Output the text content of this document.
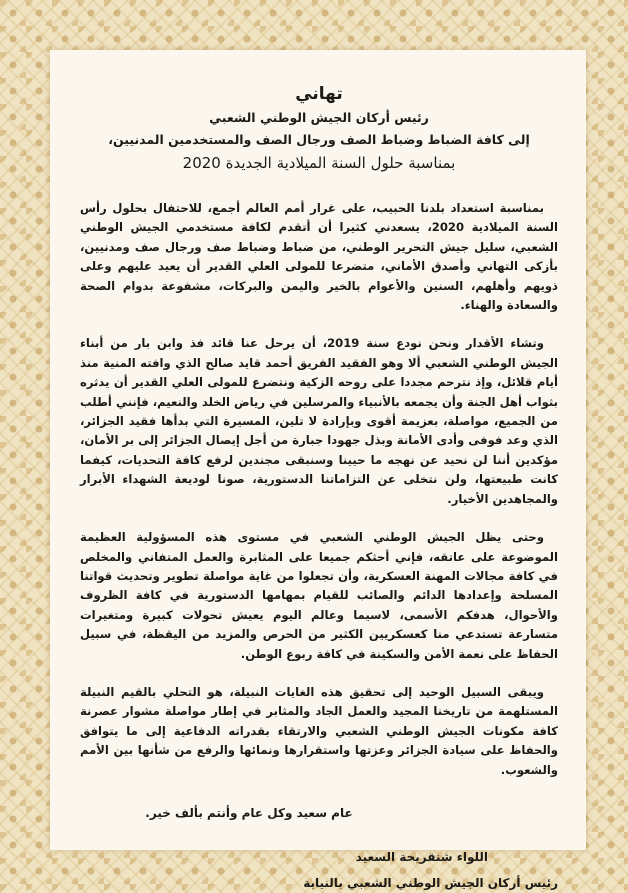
تهاني

رئيس أركان الجيش الوطني الشعبي

إلى كافة الضباط وضباط الصف ورجال الصف والمستخدمين المدنيين،

بمناسبة حلول السنة الميلادية الجديدة 2020

بمناسبة استعداد بلدنا الحبيب، على غرار أمم العالم أجمع، للاحتفال بحلول رأس السنة الميلادية 2020، يسعدني كثيرا أن أتقدم لكافة مستخدمي الجيش الوطني الشعبي، سليل جيش التحرير الوطني، من ضباط وضباط صف ورجال صف ومدنيين، بأزكى التهاني وأصدق الأماني، متضرعا للمولى العلي القدير أن يعيد عليهم وعلى ذويهم وأهلهم، السنين والأعوام بالخير واليمن والبركات، مشفوعة بدوام الصحة والسعادة والهناء.

وتشاء الأقدار ونحن نودع سنة 2019، أن يرحل عنا قائد فذ وابن بار من أبناء الجيش الوطني الشعبي ألا وهو الفقيد الفريق أحمد قايد صالح الذي وافته المنية منذ أيام قلائل، وإذ نترحم مجددا على روحه الزكية ونتضرع للمولى العلي القدير أن يدثره بثواب أهل الجنة وأن يجمعه بالأنبياء والمرسلين في رياض الخلد والنعيم، فإنني أطلب من الجميع، مواصلة، بعزيمة أقوى وبإرادة لا تلين، المسيرة التي بدأها فقيد الجزائر، الذي وعد فوفى وأدى الأمانة وبذل جهودا جبارة من أجل إيصال الجزائر إلى بر الأمان، مؤكدين أننا لن نحيد عن نهجه ما حيينا وسنبقى مجندين لرفع كافة التحديات، كيفما كانت طبيعتها، ولن نتخلى عن التزاماتنا الدستورية، صونا لوديعة الشهداء الأبرار والمجاهدين الأخيار.

وحتى يظل الجيش الوطني الشعبي في مستوى هذه المسؤولية العظيمة الموضوعة على عاتقه، فإني أحثكم جميعا على المثابرة والعمل المتفاني والمخلص في كافة مجالات المهنة العسكرية، وأن تجعلوا من غاية مواصلة تطوير وتحديث قواتنا المسلحة وإعدادها الدائم والصائب للقيام بمهامها الدستورية في كافة الظروف والأحوال، هدفكم الأسمى، لاسيما وعالم اليوم يعيش تحولات كبيرة ومتغيرات متسارعة تستدعي منا كعسكريين الكثير من الحرص والمزيد من اليقظة، في سبيل الحفاظ على نعمة الأمن والسكينة في كافة ربوع الوطن.

ويبقى السبيل الوحيد إلى تحقيق هذه الغايات النبيلة، هو التحلي بالقيم النبيلة المستلهمة من تاريخنا المجيد والعمل الجاد والمثابر في إطار مواصلة مشوار عصرنة كافة مكونات الجيش الوطني الشعبي والارتقاء بقدراته الدفاعية إلى ما يتوافق والحفاظ على سيادة الجزائر وعزتها واستقرارها ونمائها والرفع من شأنها بين الأمم والشعوب.

عام سعيد وكل عام وأنتم بألف خير.

اللواء شنقريحة السعيد
رئيس أركان الجيش الوطني الشعبي بالنيابة
